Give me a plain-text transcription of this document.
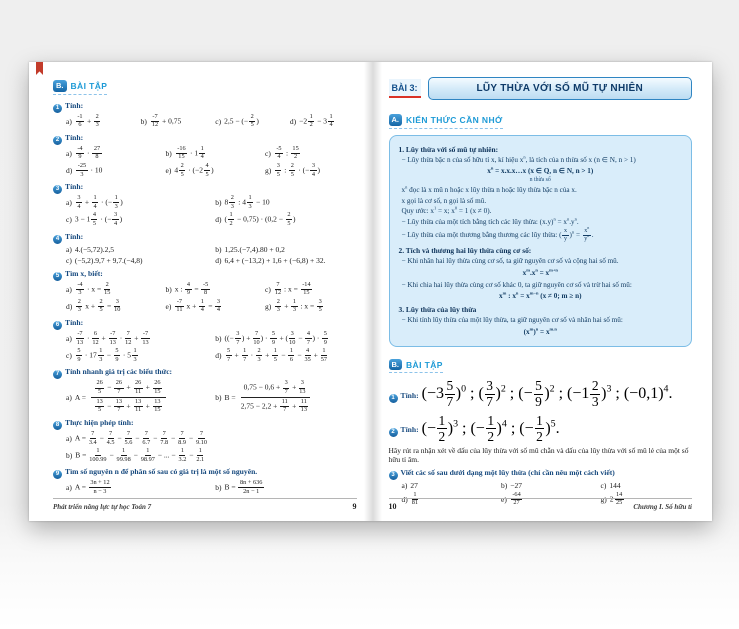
B. BÀI TẬP
1 Tính:
$a) \frac{-1}{6} + \frac{2}{3}$	$b) \frac{-7}{12} + 0,75$	c) 2,5 − (− $\frac{2}{5}$ )	$d) -2 \frac{1}{2} - 3 \frac{1}{4}$
2 Tính:
$a) \frac{-4}{9} \cdot \frac{27}{8}$	$b) \frac{-16}{15} \cdot 1 \frac{1}{4}$	$c) \frac{-5}{4}$ : $\frac{15}{2}$
$d) \frac{-25}{3} \cdot 10$	e) $4 \frac{2}{5} \cdot (-2 \frac{4}{5}$ )	$g) \frac{3}{5}$ : $\frac{2}{5}$ · (− $\frac{3}{4}$ )
3 Tính:
$a) \frac{3}{4} + \frac{1}{4}$ · (− $\frac{1}{3}$ )	b) $8 \frac{2}{3}$ : $4 \frac{1}{3} - 10$
c) $3 - 1 \frac{4}{5}$ · (− $\frac{3}{4}$ )	d) ( $\frac{1}{2} - 0,75) \cdot (0,2 - \frac{2}{5}$ )
4 Tính:
a) 4.(−5,72).2,5	b) 1,25.(−7,4).80 + 0,2
c) (−5,2).9,7 + 9,7.(−4,8)	d) 6,4 + (−13,2) + 1,6 + (−6,8) + 32.
5 Tìm x, biết:
$a) \frac{-4}{3} \cdot x = \frac{2}{15}$	b) x : $\frac{4}{9} = \frac{-5}{8}$	$c) \frac{7}{12}$ : $x = \frac{-14}{15}$
$d) \frac{2}{3}$ $x + \frac{2}{5} = \frac{3}{10}$	$e) \frac{-7}{11}$ $x + \frac{1}{4} = \frac{3}{4}$	$g) \frac{2}{3} + \frac{1}{3}$ : $x = \frac{3}{5}$
6 Tính:
$a) \frac{-7}{13} \cdot \frac{6}{12} + \frac{-7}{13} \cdot \frac{7}{12} + \frac{-7}{13}$	b) ((− $\frac{3}{7}$ ) + $\frac{7}{10}$ ) · $\frac{5}{9}$ + ( $\frac{3}{10} - \frac{4}{7}$ ) · $\frac{5}{9}$
$c) \frac{5}{9} \cdot 17 \frac{1}{3} - \frac{5}{9} \cdot 5 \frac{1}{3}$	$d) \frac{5}{7} + \frac{1}{7} \cdot \frac{2}{3} + \frac{1}{5} - \frac{1}{6} - \frac{4}{35} + \frac{1}{57}$
7 Tính nhanh giá trị các biểu thức:
a) $A = \frac{\frac{26}{5} - \frac{26}{7} + \frac{26}{11} + \frac{26}{15}}{\frac{13}{5} - \frac{13}{7} + \frac{13}{11} + \frac{13}{15}}$	b) $B = \frac{0,75 - 0,6 + \frac{3}{7} + \frac{3}{13}}{2,75 - 2,2 + \frac{11}{7} + \frac{11}{13}}$
8 Thực hiện phép tính:
a) $A = \frac{7}{3.4} - \frac{7}{4.5} - \frac{7}{5.6} - \frac{7}{6.7} - \frac{7}{7.8} - \frac{7}{8.9} - \frac{7}{9.10}$
b) $B = \frac{1}{100.99} - \frac{1}{99.98} - \frac{1}{98.97}$ − ... − $\frac{1}{3.2} - \frac{1}{2.1}$
9 Tìm số nguyên n để phân số sau có giá trị là một số nguyên.
a) $A = \frac{3n + 12}{n - 3}$	b) $B = \frac{8n + 636}{2n - 1}$
Phát triển năng lực tự học Toán 7	9
BÀI 3:	LŨY THỪA VỚI SỐ MŨ TỰ NHIÊN
A. KIẾN THỨC CẦN NHỚ
1. Lũy thừa với số mũ tự nhiên:
− Lũy thừa bậc n của số hữu tỉ x, kí hiệu $x^n$, là tích của n thừa số x (n ∈ N, n > 1)
$x^n$ = x.x.x…x (x ∈ Q, n ∈ N, n > 1)
n thừa số
$x^n$ đọc là x mũ n hoặc x lũy thừa n hoặc lũy thừa bậc n của x.
x gọi là cơ số, n gọi là số mũ.
Quy ước: $x^1 = x$; $x^0 = 1$ (x ≠ 0).
− Lũy thừa của một tích bằng tích các lũy thừa: $(x.y)^n = x^n.y^n$.
− Lũy thừa của một thương bằng thương các lũy thừa: ( $\frac{x}{y} )^n = \frac{x^n}{y^n}$ .
2. Tích và thương hai lũy thừa cùng cơ số:
− Khi nhân hai lũy thừa cùng cơ số, ta giữ nguyên cơ số và cộng hai số mũ.
$x^m.x^n = x^{m+n}$
− Khi chia hai lũy thừa cùng cơ số khác 0, ta giữ nguyên cơ số và trừ hai số mũ:
$x^m$ : $x^n = x^{m-n}$ (x ≠ 0; m ≥ n)
3. Lũy thừa của lũy thừa
− Khi tính lũy thừa của một lũy thừa, ta giữ nguyên cơ số và nhân hai số mũ:
$(x^m)^n = x^{m.n}$
B. BÀI TẬP
1 Tính: $(-3 \frac{5}{7} )^0$ ; ( $\frac{3}{7} )^2$ ; (− $\frac{5}{9} )^2$ ; $(-1 \frac{2}{3} )^3$ ; $(-0,1)^4$.
2 Tính: (− $\frac{1}{2} )^3$ ; (− $\frac{1}{2} )^4$ ; (− $\frac{1}{2} )^5$.
Hãy rút ra nhận xét về dấu của lũy thừa với số mũ chẵn và dấu của lũy thừa với số mũ lẻ của một số hữu tỉ âm.
3 Viết các số sau dưới dạng một lũy thừa (chỉ cần nêu một cách viết)
a) 27	b) −27	c) 144
$d) \frac{1}{81}$	$e) \frac{-64}{27}$	g) $2 \frac{14}{25}$
10	Chương I. Số hữu tỉ
